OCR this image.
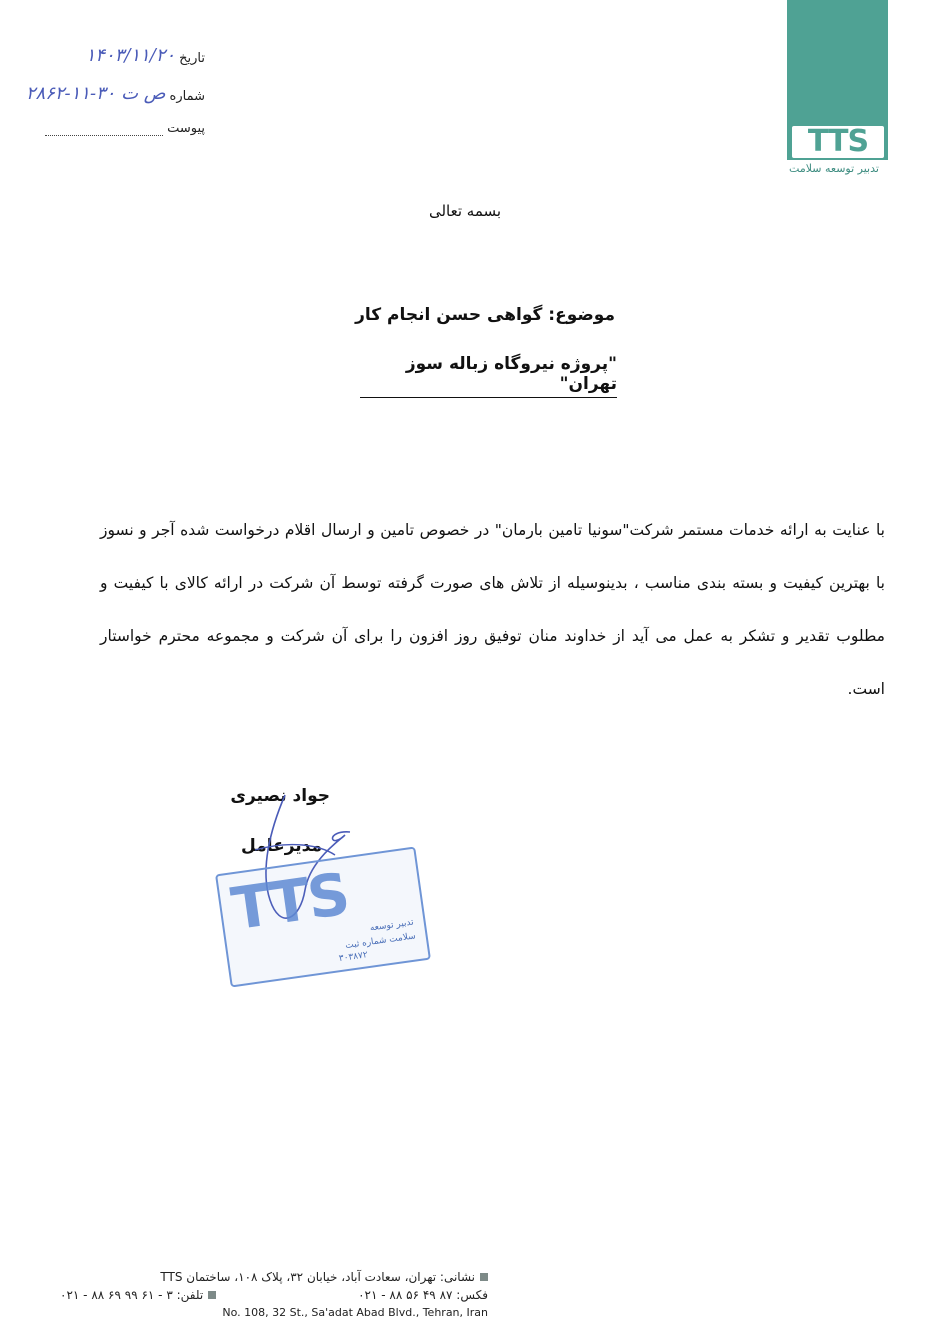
TTS
تدبیر توسعه سلامت
تاریخ
۱۴۰۳/۱۱/۲۰
شماره
۲۸۶۲-۱۱-۳۰ ص ت
پیوست
بسمه تعالی
موضوع: گواهی حسن انجام کار
"پروژه نیروگاه زباله سوز تهران"
با عنایت به ارائه خدمات مستمر شرکت"سونیا تامین بارمان" در خصوص تامین و ارسال اقلام درخواست شده آجر و نسوز با بهترین کیفیت و بسته بندی مناسب ، بدینوسیله از تلاش های صورت گرفته توسط آن شرکت در ارائه کالای با کیفیت و مطلوب تقدیر و تشکر به عمل می آید از خداوند منان توفیق روز افزون را برای آن شرکت و مجموعه محترم خواستار است.
جواد نصیری
مدیرعامل
TTS تدبیر توسعه
سلامت شماره ثبت
۳۰۳۸۷۲
نشانی: تهران، سعادت آباد، خیابان ۳۲، پلاک ۱۰۸، ساختمان TTS
تلفن: ۳ - ۶۱ ۹۹ ۶۹ ۸۸ - ۰۲۱	فکس: ۸۷ ۴۹ ۵۶ ۸۸ - ۰۲۱
No. 108, 32 St., Sa'adat Abad Blvd., Tehran, Iran
